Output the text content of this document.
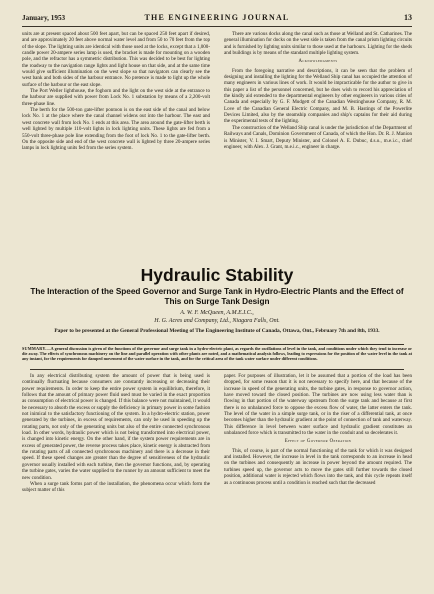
January, 1953	THE ENGINEERING JOURNAL	13

units are at present spaced about 500 feet apart, but can be spaced 250 feet apart if desired, and are approximately 20 feet above normal water level and from 50 to 70 feet from the top of the slope. The lighting units are identical with those used at the locks, except that a 1,000-candle power 20-ampere series lamp is used, the bracket is made for mounting on a wooden pole, and the refractor has a symmetric distribution. This was decided to be best for lighting the roadway to the navigation range lights and light house on that side, and at the same time would give sufficient illumination on the west slope so that navigators can clearly see the west bank and both sides of the harbour entrance. No pretence is made to light up the whole surface of the harbour or the east slope.

The Port Weller lighthouse, the foghorn and the light on the west side at the entrance to the harbour are supplied with power from Lock No. 1 substation by means of a 2,200-volt three-phase line.

The berth for the 500-ton gate-lifter pontoon is on the east side of the canal and below lock No. 1 at the place where the canal channel widens out into the harbour. The east and west concrete wall from lock No. 1 ends at this area. The area around the gate-lifter berth is well lighted by multiple 110-volt lights in lock lighting units. These lights are fed from a 550-volt three-phase pole line extending from the foot of lock No. 1 to the gate-lifter berth. On the opposite side and end of the west concrete wall is lighted by three 20-ampere series lamps in lock lighting units fed from the series system.

There are various docks along the canal such as those at Welland and St. Catharines. The general illumination for docks on the west side is taken from the canal prism lighting circuits and is furnished by lighting units similar to those used at the harbours. Lighting for the sheds and buildings is by means of the standard multiple lighting system.

Acknowledgments

From the foregoing narrative and descriptions, it can be seen that the problem of designing and installing the lighting for the Welland Ship canal has occupied the attention of many engineers in various lines of work. It would be impracticable for the author to give in this paper a list of the personnel concerned, but he does wish to record his appreciation of the kindly aid extended to the departmental engineers by other engineers in various cities of Canada and especially by G. F. Mudgett of the Canadian Westinghouse Company, R. M. Love of the Canadian General Electric Company, and M. B. Hastings of the Powerlite Devices Limited, also by the steamship companies and ship's captains for their aid during the experimental tests of the lighting.

The construction of the Welland Ship canal is under the jurisdiction of the Department of Railways and Canals, Dominion Government of Canada, of which the Hon. Dr. R. J. Manion is Minister, V. I. Smart, Deputy Minister, and Colonel A. E. Dubuc, d.s.o., m.e.i.c., chief engineer, with Alex. J. Grant, m.e.i.c., engineer in charge.

Hydraulic Stability
The Interaction of the Speed Governor and Surge Tank in Hydro-Electric Plants and the Effect of This on Surge Tank Design
A. W. F. McQueen, A.M.E.I.C.,
H. G. Acres and Company, Ltd., Niagara Falls, Ont.
Paper to be presented at the General Professional Meeting of The Engineering Institute of Canada, Ottawa, Ont., February 7th and 8th, 1933.
SUMMARY.—A general discussion is given of the functions of the governor and surge tank in a hydro-electric plant, as regards the oscillations of level in the tank, and conditions under which they tend to increase or die away. The effects of synchronous machinery on the line and parallel operation with other plants are noted, and a mathematical analysis follows, leading to expressions for the position of the water level in the tank at any instant, for the requirements for damped movement of the water surface in the tank, and for the critical area of the tank water surface under different conditions.

In any electrical distributing system the amount of power that is being used is continually fluctuating because consumers are constantly increasing or decreasing their power requirements. In order to keep the entire power system in equilibrium, therefore, it follows that the amount of primary power fluid used must be varied in the exact proportion as consumption of electrical power is changed. If this balance were not maintained, it would be necessary to absorb the excess or supply the deficiency in primary power in some fashion not inimical to the satisfactory functioning of the system. In a hydro-electric station, power generated by the turbines, in excess of requirements, can only be used in speeding up the rotating parts, not only of the generating units but also of the entire connected synchronous load. In other words, hydraulic power which is not being transformed into electrical power, is changed into kinetic energy. On the other hand, if the system power requirements are in excess of generated power, the reverse process takes place, kinetic energy is abstracted from the rotating parts of all connected synchronous machinery and there is a decrease in their speed. If these speed changes are greater than the degree of sensitiveness of the hydraulic governor usually installed with each turbine, then the governor functions, and, by operating the turbine gates, varies the water supplied to the runner by an amount sufficient to meet the new condition.

When a surge tank forms part of the installation, the phenomena occur which form the subject matter of this

paper. For purposes of illustration, let it be assumed that a portion of the load has been dropped, for some reason that it is not necessary to specify here, and that because of the increase in speed of the generating units, the turbine gates, in response to governor action, have moved toward the closed position. The turbines are now using less water than is flowing in that portion of the waterway upstream from the surge tank and because at first there is no unbalanced force to oppose the excess flow of water, the latter enters the tank. The level of the water in a simple surge tank, or in the riser of a differential tank, at once becomes higher than the hydraulic gradient at the point of connection of tank and waterway. This difference in level between water surface and hydraulic gradient constitutes an unbalanced force which is transmitted to the water in the conduit and so decelerates it.

Effect of Governor Operation

This, of course, is part of the normal functioning of the tank for which it was designed and installed. However, the increase in level in the tank corresponds to an increase in head on the turbines and consequently an increase in power beyond the amount required. The turbines speed up, the governor acts to move the gates still further towards the closed position, additional water is rejected which flows into the tank, and this cycle repeats itself as a continuous process until a condition is reached such that the decreased
